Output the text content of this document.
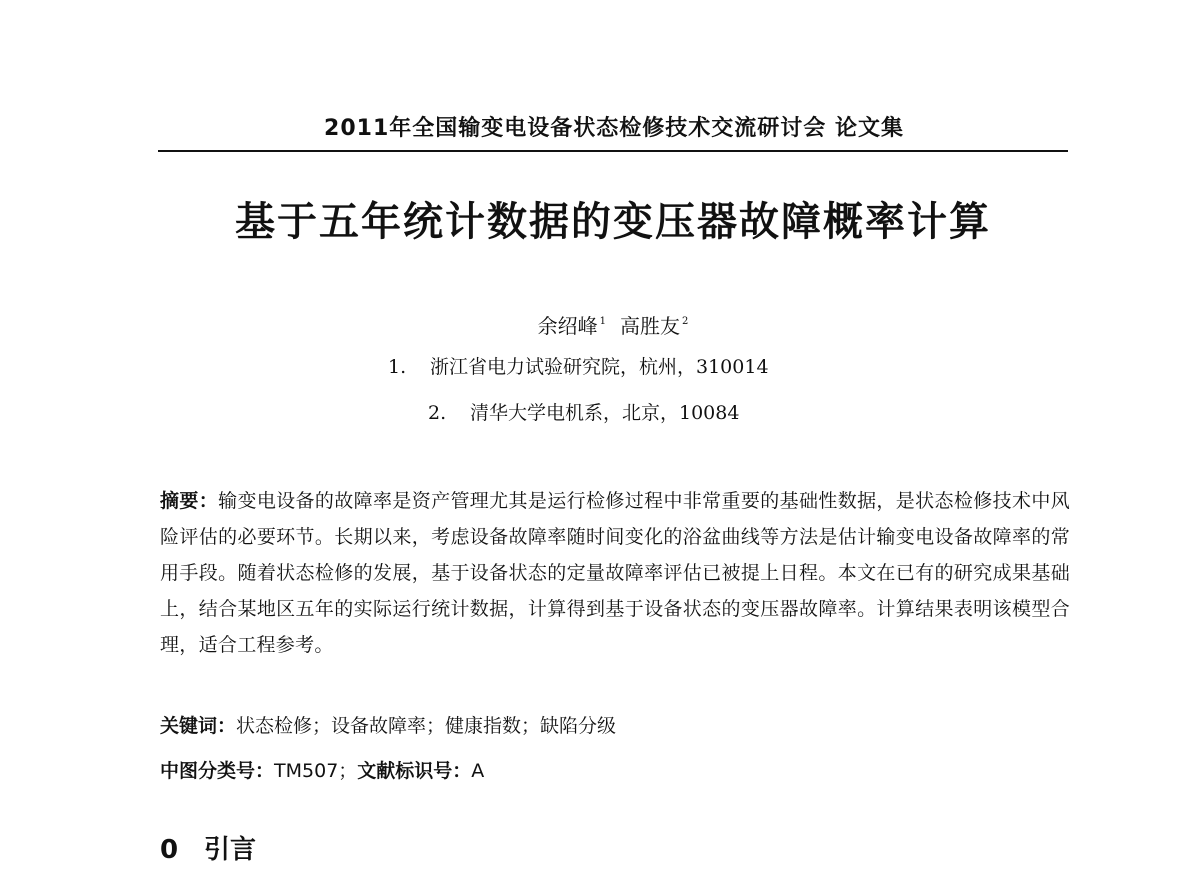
2011年全国输变电设备状态检修技术交流研讨会 论文集
基于五年统计数据的变压器故障概率计算
余绍峰 $^1$ 高胜友 $^2$
1. 浙江省电力试验研究院，杭州，310014
2. 清华大学电机系，北京，10084
摘要：输变电设备的故障率是资产管理尤其是运行检修过程中非常重要的基础性数据，是状态检修技术中风险评估的必要环节。长期以来，考虑设备故障率随时间变化的浴盆曲线等方法是估计输变电设备故障率的常用手段。随着状态检修的发展，基于设备状态的定量故障率评估已被提上日程。本文在已有的研究成果基础上，结合某地区五年的实际运行统计数据，计算得到基于设备状态的变压器故障率。计算结果表明该模型合理，适合工程参考。
关键词：状态检修；设备故障率；健康指数；缺陷分级
中图分类号：TM507；文献标识号：A
0 引言
